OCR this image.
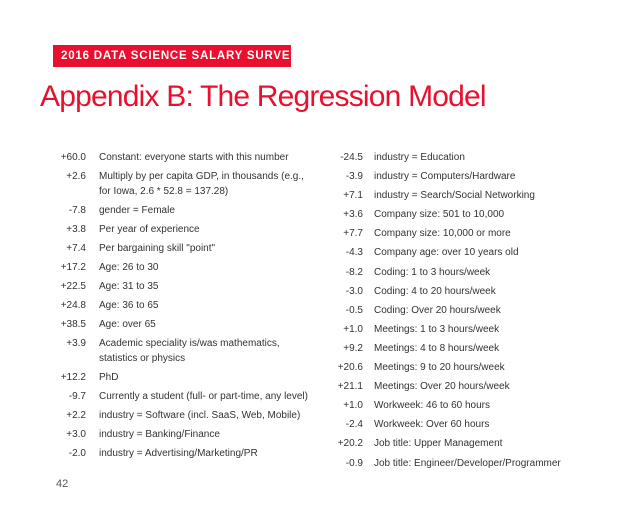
2016 DATA SCIENCE SALARY SURVEY
Appendix B: The Regression Model
+60.0 Constant: everyone starts with this number
+2.6 Multiply by per capita GDP, in thousands (e.g., for Iowa, 2.6 * 52.8 = 137.28)
-7.8 gender = Female
+3.8 Per year of experience
+7.4 Per bargaining skill "point"
+17.2 Age: 26 to 30
+22.5 Age: 31 to 35
+24.8 Age: 36 to 65
+38.5 Age: over 65
+3.9 Academic speciality is/was mathematics, statistics or physics
+12.2 PhD
-9.7 Currently a student (full- or part-time, any level)
+2.2 industry = Software (incl. SaaS, Web, Mobile)
+3.0 industry = Banking/Finance
-2.0 industry = Advertising/Marketing/PR
-24.5 industry = Education
-3.9 industry = Computers/Hardware
+7.1 industry = Search/Social Networking
+3.6 Company size: 501 to 10,000
+7.7 Company size: 10,000 or more
-4.3 Company age: over 10 years old
-8.2 Coding: 1 to 3 hours/week
-3.0 Coding: 4 to 20 hours/week
-0.5 Coding: Over 20 hours/week
+1.0 Meetings: 1 to 3 hours/week
+9.2 Meetings: 4 to 8 hours/week
+20.6 Meetings: 9 to 20 hours/week
+21.1 Meetings: Over 20 hours/week
+1.0 Workweek: 46 to 60 hours
-2.4 Workweek: Over 60 hours
+20.2 Job title: Upper Management
-0.9 Job title: Engineer/Developer/Programmer
42
